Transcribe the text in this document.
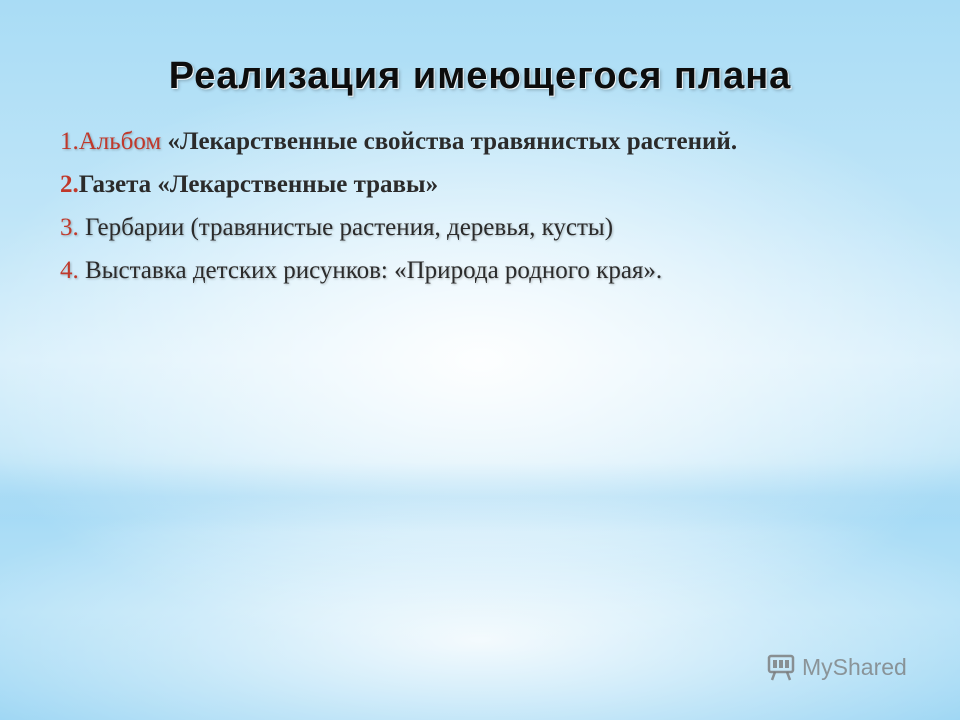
Реализация имеющегося плана

1.Альбом «Лекарственные свойства травянистых растений.

2.Газета «Лекарственные травы»

3. Гербарии (травянистые растения, деревья, кусты)

4. Выставка детских рисунков: «Природа родного края».

MyShared
